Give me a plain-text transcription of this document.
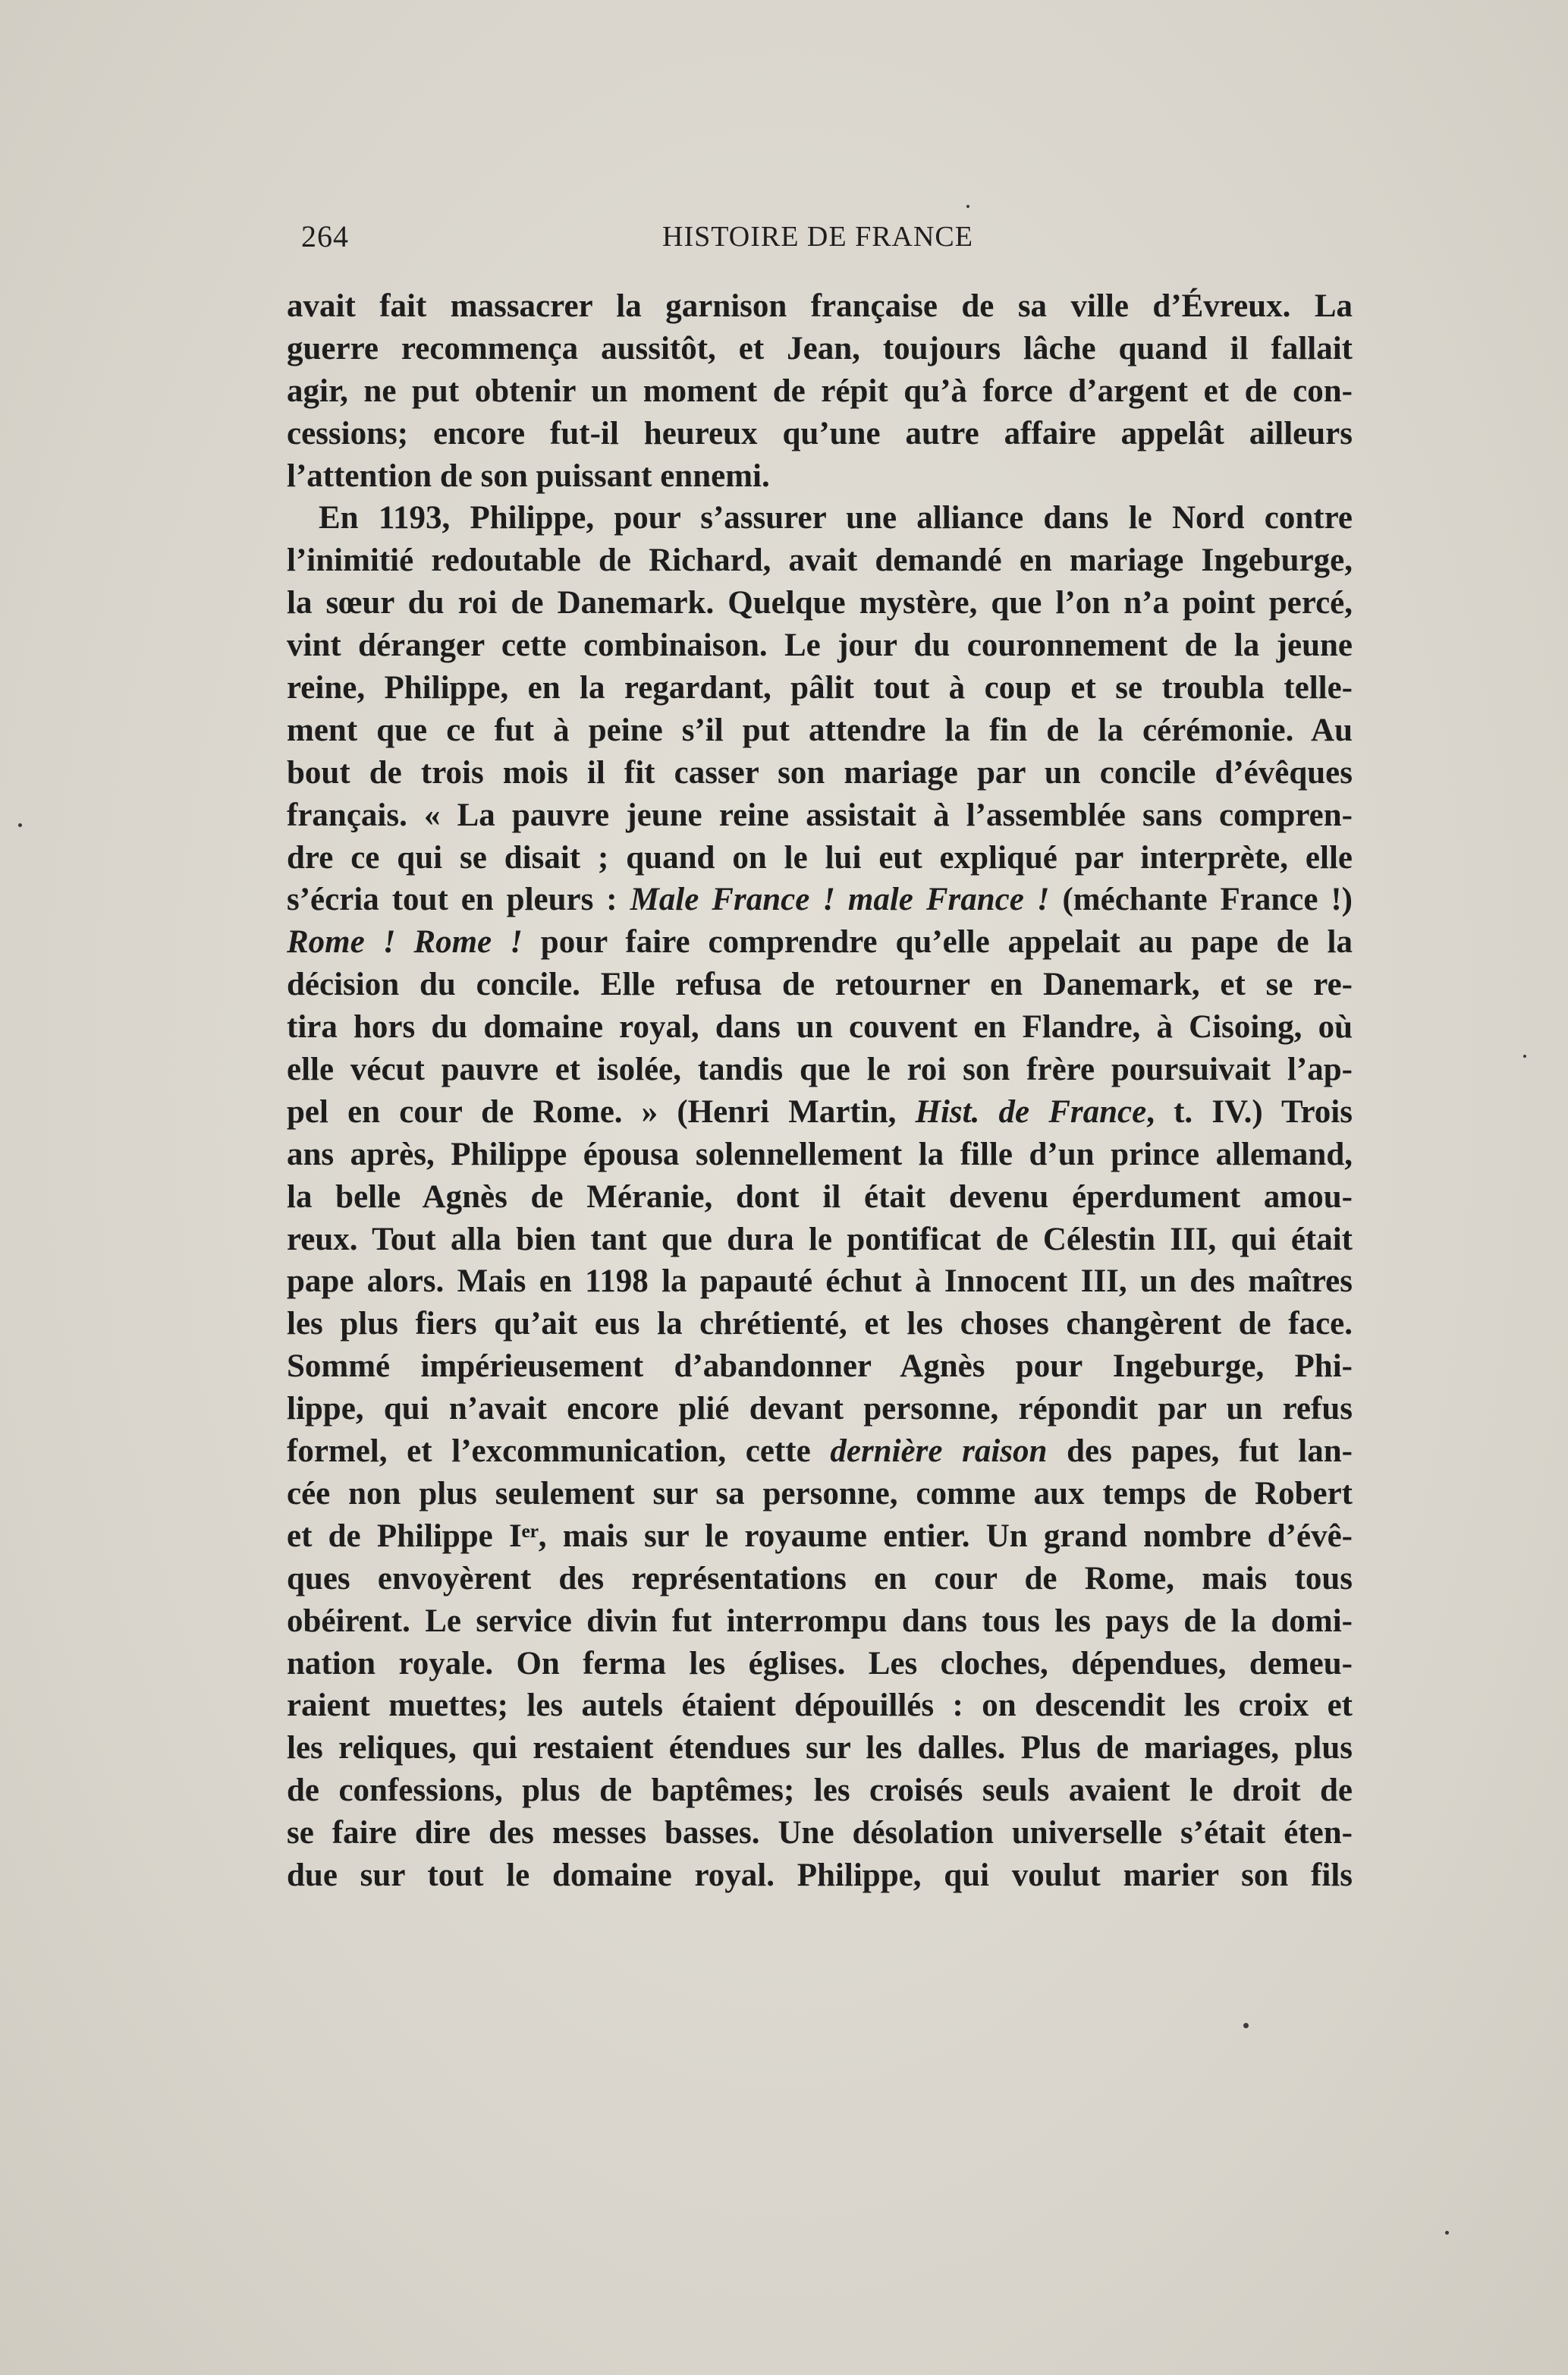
264	HISTOIRE DE FRANCE
avait fait massacrer la garnison française de sa ville d’Évreux. La
guerre recommença aussitôt, et Jean, toujours lâche quand il fallait
agir, ne put obtenir un moment de répit qu’à force d’argent et de con-
cessions; encore fut-il heureux qu’une autre affaire appelât ailleurs
l’attention de son puissant ennemi.
En 1193, Philippe, pour s’assurer une alliance dans le Nord contre
l’inimitié redoutable de Richard, avait demandé en mariage Ingeburge,
la sœur du roi de Danemark. Quelque mystère, que l’on n’a point percé,
vint déranger cette combinaison. Le jour du couronnement de la jeune
reine, Philippe, en la regardant, pâlit tout à coup et se troubla telle-
ment que ce fut à peine s’il put attendre la fin de la cérémonie. Au
bout de trois mois il fit casser son mariage par un concile d’évêques
français. « La pauvre jeune reine assistait à l’assemblée sans compren-
dre ce qui se disait ; quand on le lui eut expliqué par interprète, elle
s’écria tout en pleurs : Male France ! male France ! (méchante France !)
Rome ! Rome ! pour faire comprendre qu’elle appelait au pape de la
décision du concile. Elle refusa de retourner en Danemark, et se re-
tira hors du domaine royal, dans un couvent en Flandre, à Cisoing, où
elle vécut pauvre et isolée, tandis que le roi son frère poursuivait l’ap-
pel en cour de Rome. » (Henri Martin, Hist. de France, t. IV.) Trois
ans après, Philippe épousa solennellement la fille d’un prince allemand,
la belle Agnès de Méranie, dont il était devenu éperdument amou-
reux. Tout alla bien tant que dura le pontificat de Célestin III, qui était
pape alors. Mais en 1198 la papauté échut à Innocent III, un des maîtres
les plus fiers qu’ait eus la chrétienté, et les choses changèrent de face.
Sommé impérieusement d’abandonner Agnès pour Ingeburge, Phi-
lippe, qui n’avait encore plié devant personne, répondit par un refus
formel, et l’excommunication, cette dernière raison des papes, fut lan-
cée non plus seulement sur sa personne, comme aux temps de Robert
et de Philippe Iᵉʳ, mais sur le royaume entier. Un grand nombre d’évê-
ques envoyèrent des représentations en cour de Rome, mais tous
obéirent. Le service divin fut interrompu dans tous les pays de la domi-
nation royale. On ferma les églises. Les cloches, dépendues, demeu-
raient muettes; les autels étaient dépouillés : on descendit les croix et
les reliques, qui restaient étendues sur les dalles. Plus de mariages, plus
de confessions, plus de baptêmes; les croisés seuls avaient le droit de
se faire dire des messes basses. Une désolation universelle s’était éten-
due sur tout le domaine royal. Philippe, qui voulut marier son fils
